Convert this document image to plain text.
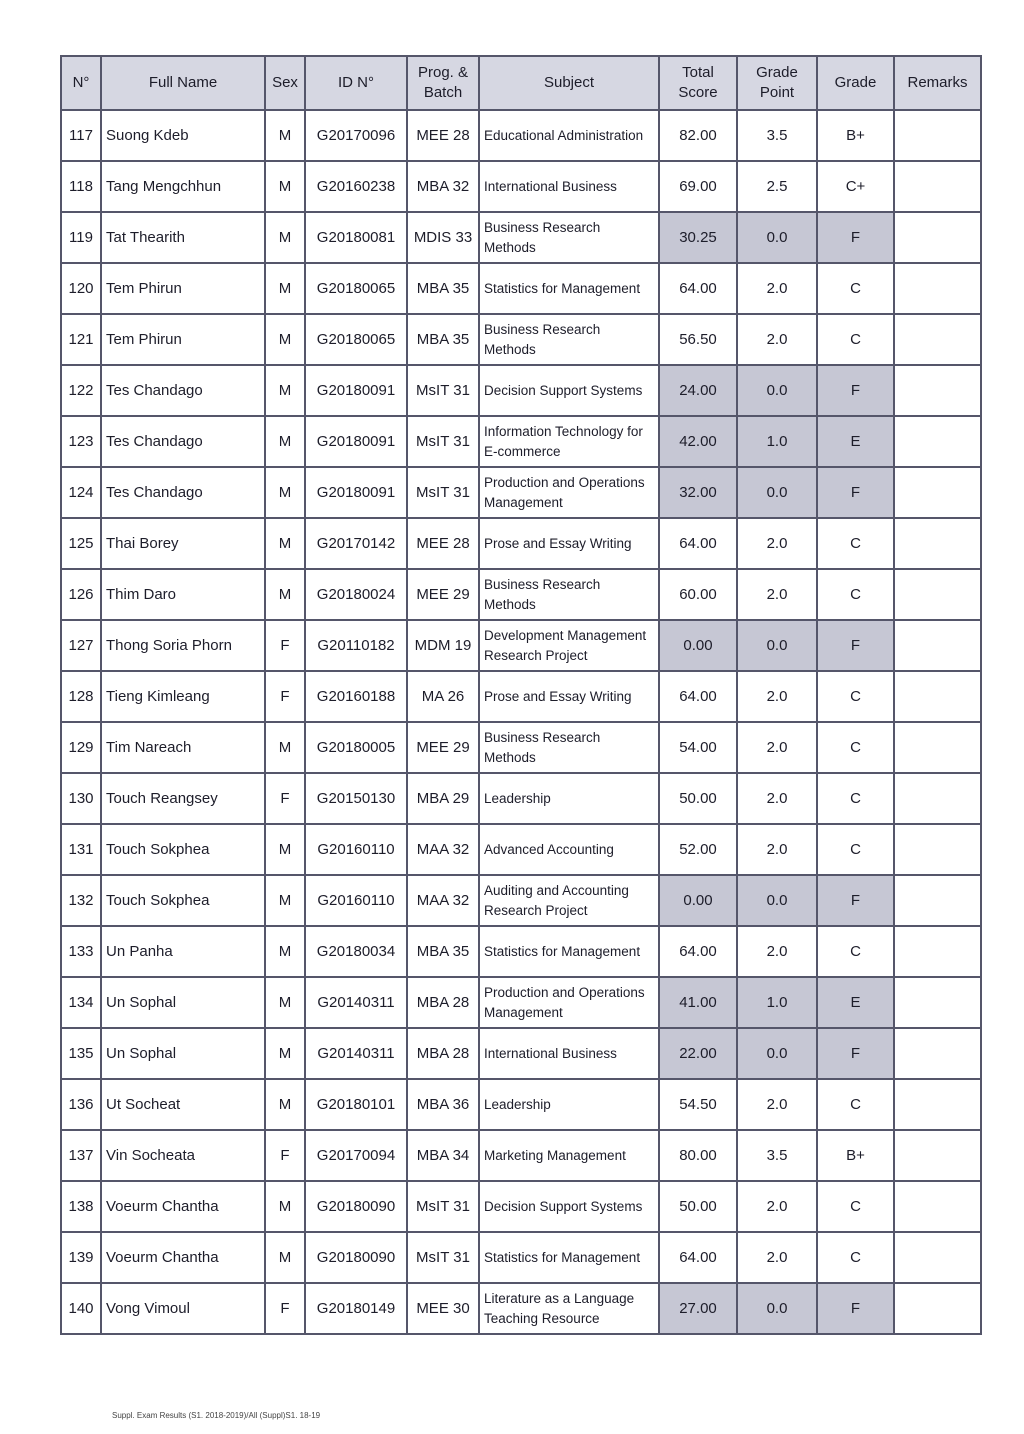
N°	Full Name	Sex	ID N°	Prog. & Batch	Subject	Total Score	Grade Point	Grade	Remarks
117	Suong Kdeb	M	G20170096	MEE 28	Educational Administration	82.00	3.5	B+	
118	Tang Mengchhun	M	G20160238	MBA 32	International Business	69.00	2.5	C+	
119	Tat Thearith	M	G20180081	MDIS 33	Business Research Methods	30.25	0.0	F	
120	Tem Phirun	M	G20180065	MBA 35	Statistics for Management	64.00	2.0	C	
121	Tem Phirun	M	G20180065	MBA 35	Business Research Methods	56.50	2.0	C	
122	Tes Chandago	M	G20180091	MsIT 31	Decision Support Systems	24.00	0.0	F	
123	Tes Chandago	M	G20180091	MsIT 31	Information Technology for E-commerce	42.00	1.0	E	
124	Tes Chandago	M	G20180091	MsIT 31	Production and Operations Management	32.00	0.0	F	
125	Thai Borey	M	G20170142	MEE 28	Prose and Essay Writing	64.00	2.0	C	
126	Thim Daro	M	G20180024	MEE 29	Business Research Methods	60.00	2.0	C	
127	Thong Soria Phorn	F	G20110182	MDM 19	Development Management Research Project	0.00	0.0	F	
128	Tieng Kimleang	F	G20160188	MA 26	Prose and Essay Writing	64.00	2.0	C	
129	Tim Nareach	M	G20180005	MEE 29	Business Research Methods	54.00	2.0	C	
130	Touch Reangsey	F	G20150130	MBA 29	Leadership	50.00	2.0	C	
131	Touch Sokphea	M	G20160110	MAA 32	Advanced Accounting	52.00	2.0	C	
132	Touch Sokphea	M	G20160110	MAA 32	Auditing and Accounting Research Project	0.00	0.0	F	
133	Un Panha	M	G20180034	MBA 35	Statistics for Management	64.00	2.0	C	
134	Un Sophal	M	G20140311	MBA 28	Production and Operations Management	41.00	1.0	E	
135	Un Sophal	M	G20140311	MBA 28	International Business	22.00	0.0	F	
136	Ut Socheat	M	G20180101	MBA 36	Leadership	54.50	2.0	C	
137	Vin Socheata	F	G20170094	MBA 34	Marketing Management	80.00	3.5	B+	
138	Voeurm Chantha	M	G20180090	MsIT 31	Decision Support Systems	50.00	2.0	C	
139	Voeurm Chantha	M	G20180090	MsIT 31	Statistics for Management	64.00	2.0	C	
140	Vong Vimoul	F	G20180149	MEE 30	Literature as a Language Teaching Resource	27.00	0.0	F	
Suppl. Exam Results (S1. 2018-2019)/All (Suppl)S1. 18-19
